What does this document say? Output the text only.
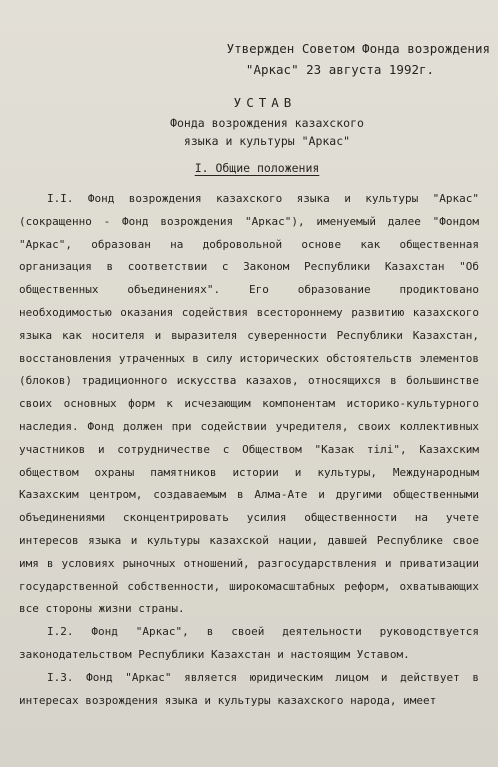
Утвержден Советом Фонда возрождения
"Аркас" 23 августа 1992г.
УСТАВ
Фонда возрождения казахского
языка и культуры "Аркас"
I. Общие положения

I.I. Фонд возрождения казахского языка и культуры "Аркас" (сокращенно - Фонд возрождения "Аркас"), именуемый далее "Фондом "Аркас", образован на добровольной основе как общественная организация в соответствии с Законом Республики Казахстан "Об общественных объединениях". Его образование продиктовано необходимостью оказания содействия всестороннему развитию казахского языка как носителя и выразителя суверенности Республики Казахстан, восстановления утраченных в силу исторических обстоятельств элементов (блоков) традиционного искусства казахов, относящихся в большинстве своих основных форм к исчезающим компонентам историко-культурного наследия. Фонд должен при содействии учредителя, своих коллективных участников и сотрудничестве с Обществом "Казак тілі", Казахским обществом охраны памятников истории и культуры, Международным Казахским центром, создаваемым в Алма-Ате и другими общественными объединениями сконцентрировать усилия общественности на учете интересов языка и культуры казахской нации, давшей Республике свое имя в условиях рыночных отношений, разгосударствления и приватизации государственной собственности, широкомасштабных реформ, охватывающих все стороны жизни страны.

I.2. Фонд "Аркас", в своей деятельности руководствуется законодательством Республики Казахстан и настоящим Уставом.

I.3. Фонд "Аркас" является юридическим лицом и действует в интересах возрождения языка и культуры казахского народа, имеет
